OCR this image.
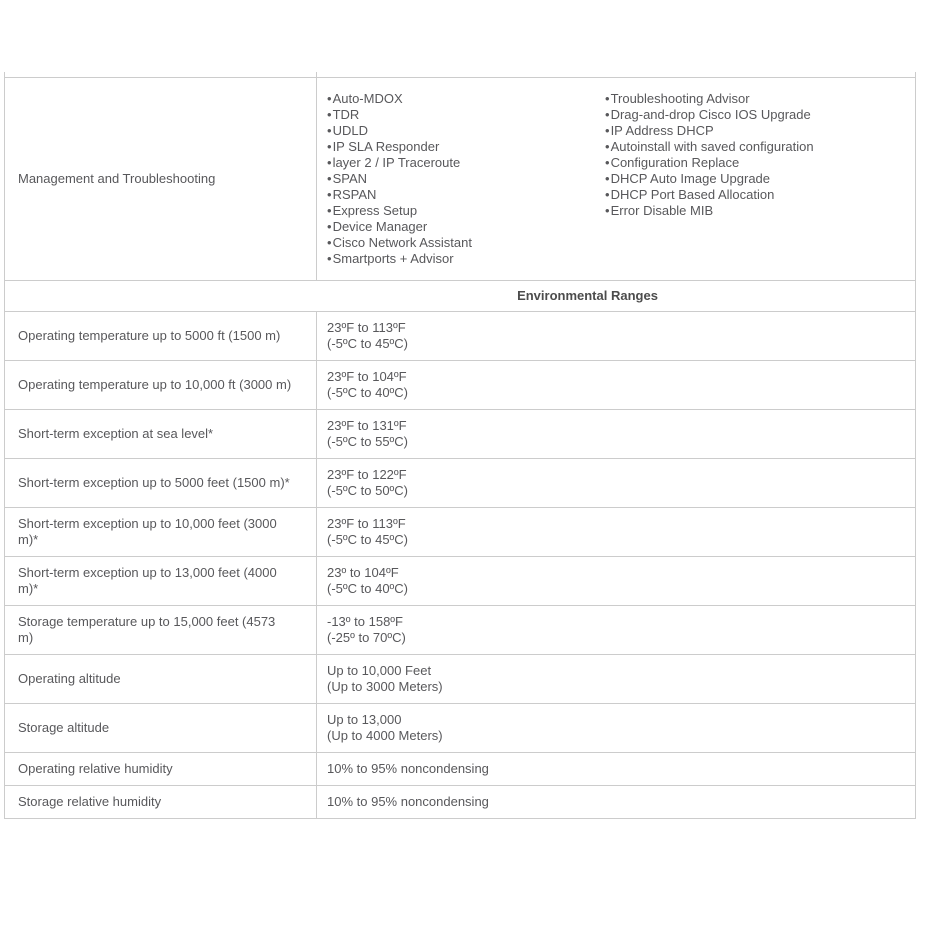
Management and Troubleshooting	
•Auto-MDOX
•TDR
•UDLD
•IP SLA Responder
•layer 2 / IP Traceroute
•SPAN
•RSPAN
•Express Setup
•Device Manager
•Cisco Network Assistant
•Smartports + Advisor
•Troubleshooting Advisor
•Drag-and-drop Cisco IOS Upgrade
•IP Address DHCP
•Autoinstall with saved configuration
•Configuration Replace
•DHCP Auto Image Upgrade
•DHCP Port Based Allocation
•Error Disable MIB

Environmental Ranges	
Operating temperature up to 5000 ft (1500 m)	23ºF to 113ºF
(-5ºC to 45ºC)

Operating temperature up to 10,000 ft (3000 m)	23ºF to 104ºF
(-5ºC to 40ºC)

Short-term exception at sea level*	23ºF to 131ºF
(-5ºC to 55ºC)

Short-term exception up to 5000 feet (1500 m)*	23ºF to 122ºF
(-5ºC to 50ºC)

Short-term exception up to 10,000 feet (3000 m)*	23ºF to 113ºF
(-5ºC to 45ºC)

Short-term exception up to 13,000 feet (4000 m)*	23º to 104ºF
(-5ºC to 40ºC)

Storage temperature up to 15,000 feet (4573 m)	-13º to 158ºF
(-25º to 70ºC)

Operating altitude	Up to 10,000 Feet
(Up to 3000 Meters)

Storage altitude	Up to 13,000
(Up to 4000 Meters)

Operating relative humidity	10% to 95% noncondensing

Storage relative humidity	10% to 95% noncondensing
